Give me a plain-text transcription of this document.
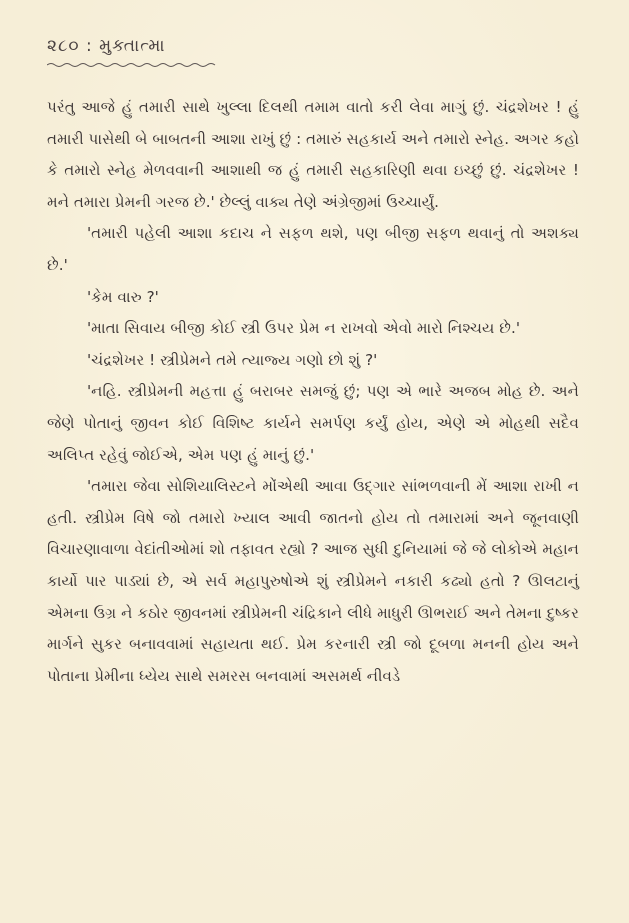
૨૮૦ : મુક્તાત્મા

પરંતુ આજે હું તમારી સાથે ખુલ્લા દિલથી તમામ વાતો કરી લેવા માગું છું. ચંદ્રશેખર ! હું તમારી પાસેથી બે બાબતની આશા રાખું છું : તમારું સહકાર્ય અને તમારો સ્નેહ. અગર કહો કે તમારો સ્નેહ મેળવવાની આશાથી જ હું તમારી સહકારિણી થવા ઇચ્છું છું. ચંદ્રશેખર ! મને તમારા પ્રેમની ગરજ છે.' છેલ્લું વાક્ય તેણે અંગ્રેજીમાં ઉચ્ચાર્યું.

'તમારી પહેલી આશા કદાચ ને સફળ થશે, પણ બીજી સફળ થવાનું તો અશક્ય છે.'

'કેમ વારુ ?'

'માતા સિવાય બીજી કોઈ સ્ત્રી ઉપર પ્રેમ ન રાખવો એવો મારો નિશ્ચય છે.'

'ચંદ્રશેખર ! સ્ત્રીપ્રેમને તમે ત્યાજ્ય ગણો છો શું ?'

'નહિ. સ્ત્રીપ્રેમની મહત્તા હું બરાબર સમજું છું; પણ એ ભારે અજબ મોહ છે. અને જેણે પોતાનું જીવન કોઈ વિશિષ્ટ કાર્યને સમર્પણ કર્યું હોય, એણે એ મોહથી સદૈવ અલિપ્ત રહેવું જોઈએ, એમ પણ હું માનું છું.'

'તમારા જેવા સોશિયાલિસ્ટને મોંએથી આવા ઉદ્ગાર સાંભળવાની મેં આશા રાખી ન હતી. સ્ત્રીપ્રેમ વિષે જો તમારો ખ્યાલ આવી જાતનો હોય તો તમારામાં અને જૂનવાણી વિચારણાવાળા વેદાંતીઓમાં શો તફાવત રહ્યો ? આજ સુધી દુનિયામાં જે જે લોકોએ મહાન કાર્યો પાર પાડ્યાં છે, એ સર્વ મહાપુરુષોએ શું સ્ત્રીપ્રેમને નકારી કઢ્યો હતો ? ઊલટાનું એમના ઉગ્ર ને કઠોર જીવનમાં સ્ત્રીપ્રેમની ચંદ્રિકાને લીધે માધુરી ઊભરાઈ અને તેમના દુષ્કર માર્ગને સુકર બનાવવામાં સહાયતા થઈ. પ્રેમ કરનારી સ્ત્રી જો દૂબળા મનની હોય અને પોતાના પ્રેમીના ધ્યેય સાથે સમરસ બનવામાં અસમર્થ નીવડે
